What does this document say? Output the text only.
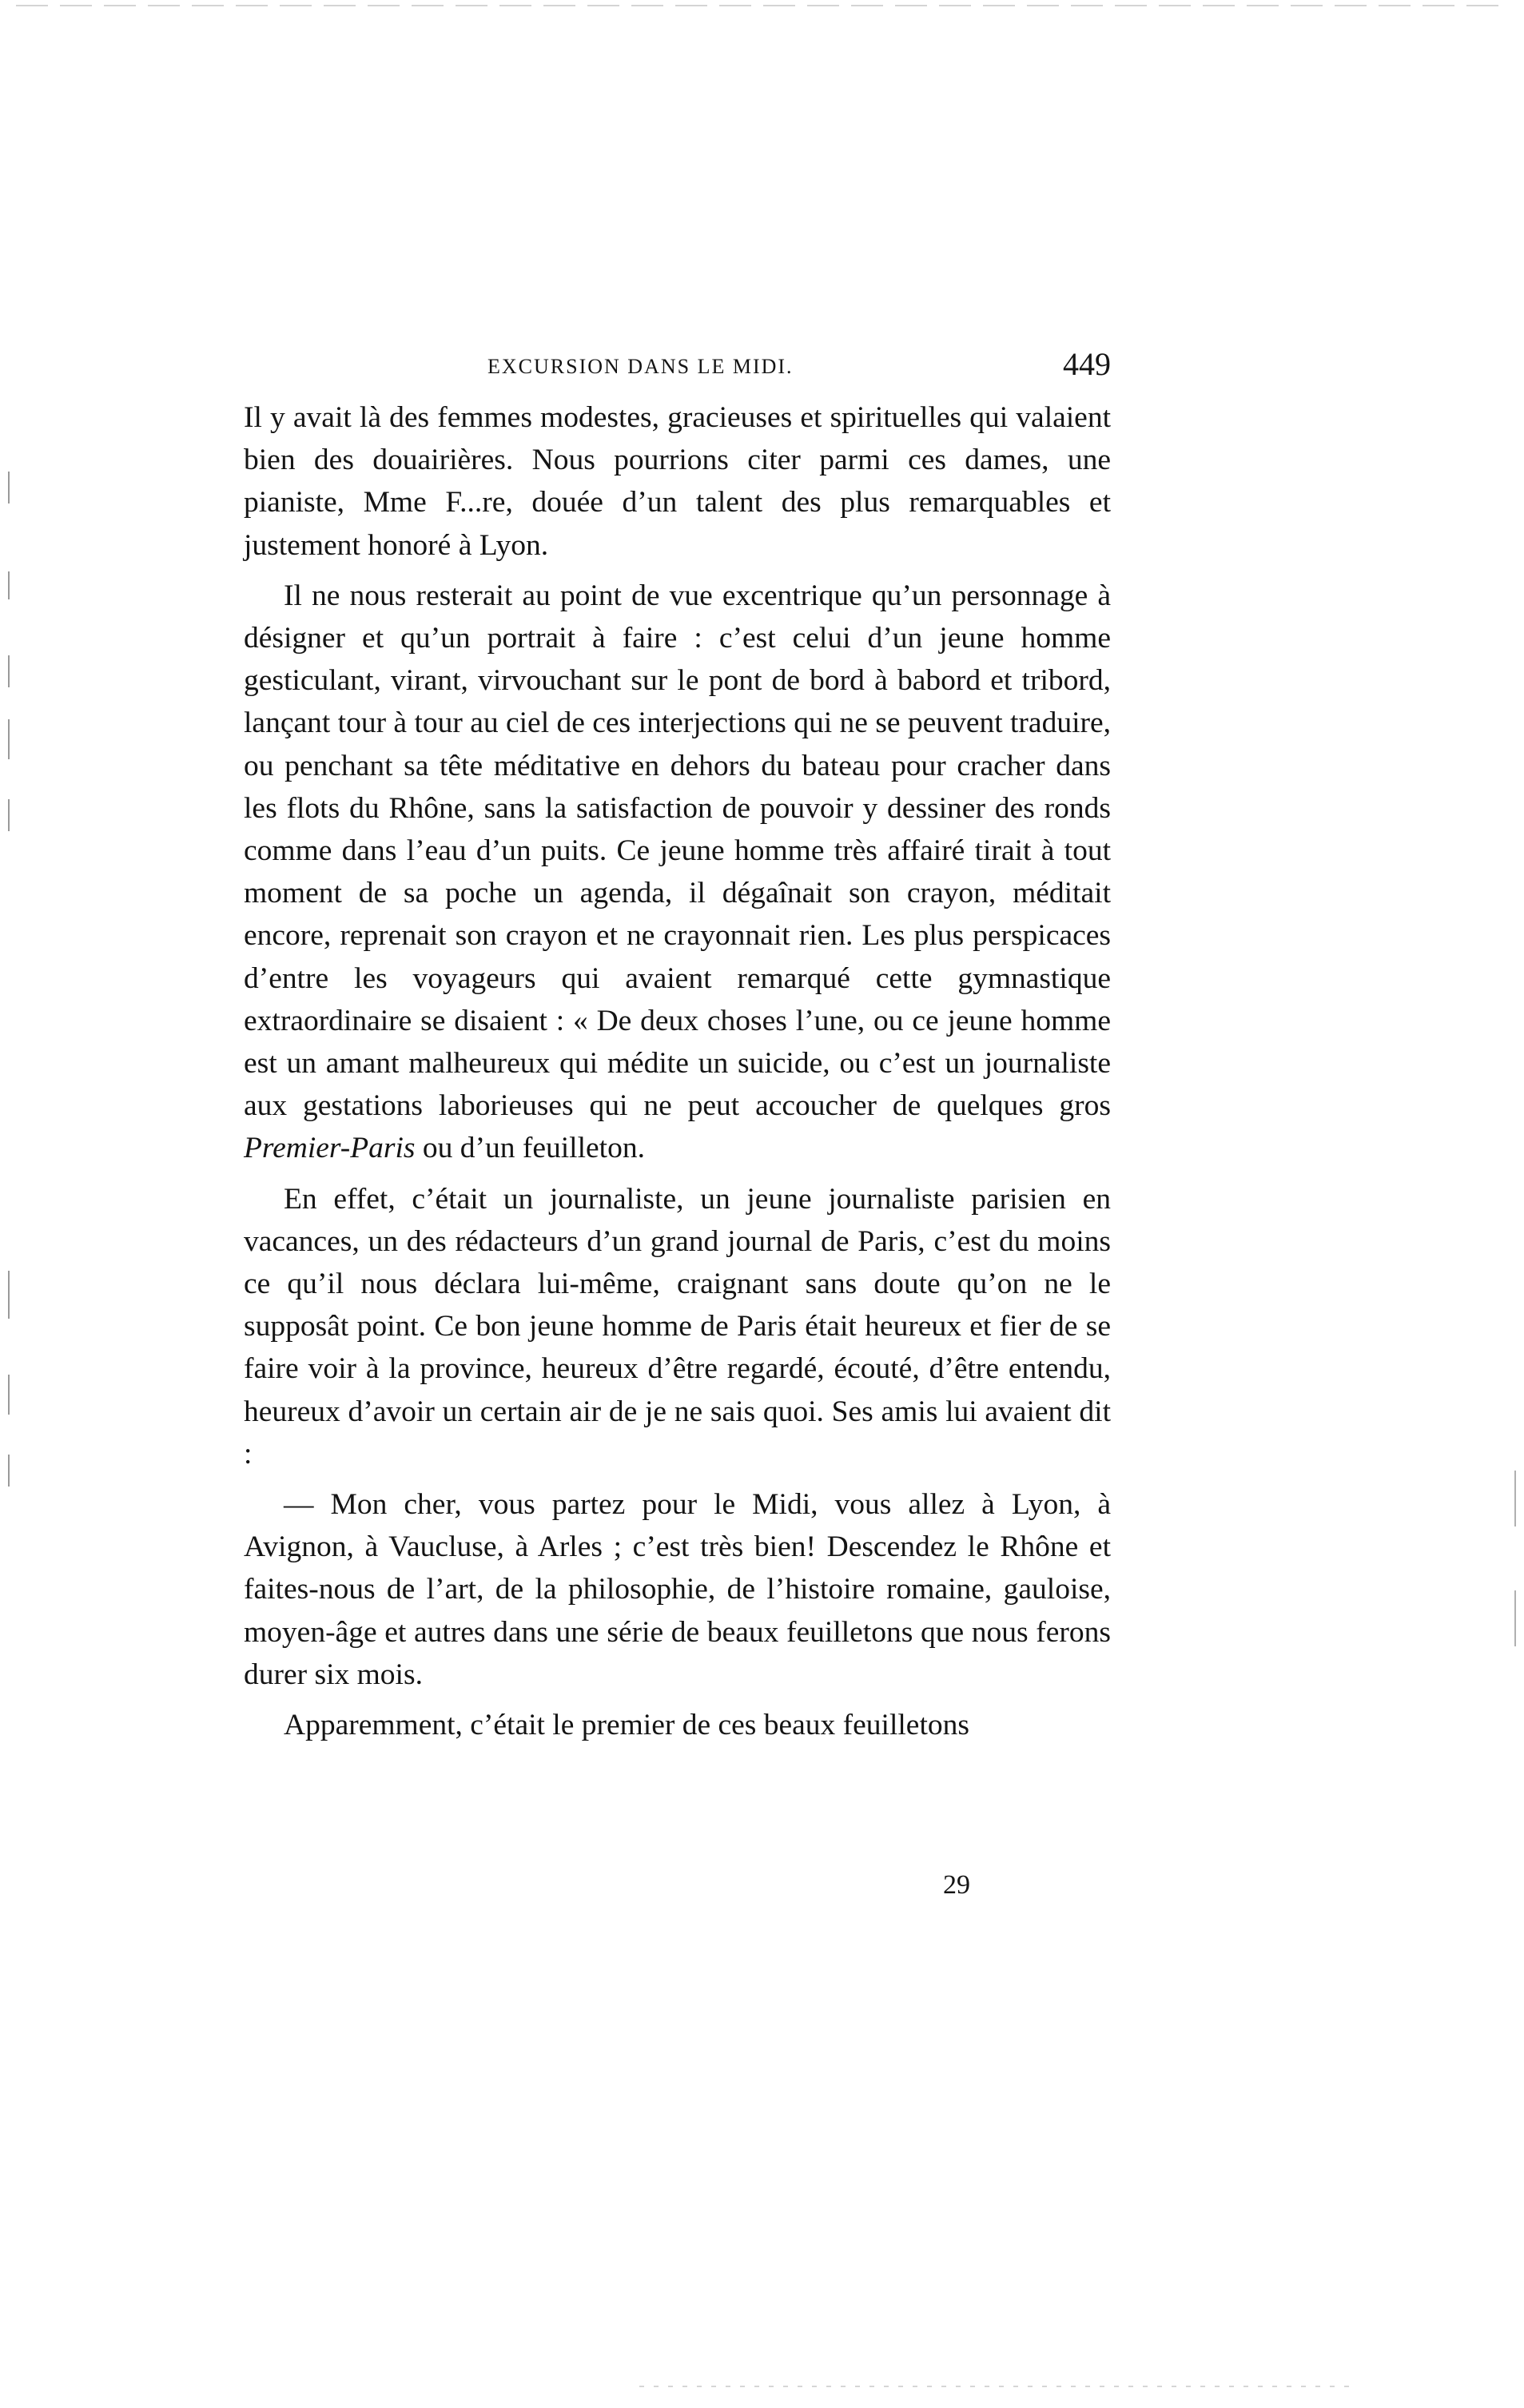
EXCURSION DANS LE MIDI.	449

Il y avait là des femmes modestes, gracieuses et spirituelles qui valaient bien des douairières. Nous pourrions citer parmi ces dames, une pianiste, Mme F...re, douée d’un talent des plus remarquables et justement honoré à Lyon.

Il ne nous resterait au point de vue excentrique qu’un personnage à désigner et qu’un portrait à faire : c’est celui d’un jeune homme gesticulant, virant, virvouchant sur le pont de bord à babord et tribord, lançant tour à tour au ciel de ces interjections qui ne se peuvent traduire, ou penchant sa tête méditative en dehors du bateau pour cracher dans les flots du Rhône, sans la satisfaction de pouvoir y dessiner des ronds comme dans l’eau d’un puits. Ce jeune homme très affairé tirait à tout moment de sa poche un agenda, il dégaînait son crayon, méditait encore, reprenait son crayon et ne crayonnait rien. Les plus perspicaces d’entre les voyageurs qui avaient remarqué cette gymnastique extraordinaire se disaient : « De deux choses l’une, ou ce jeune homme est un amant malheureux qui médite un suicide, ou c’est un journaliste aux gestations laborieuses qui ne peut accoucher de quelques gros Premier-Paris ou d’un feuilleton.

En effet, c’était un journaliste, un jeune journaliste parisien en vacances, un des rédacteurs d’un grand journal de Paris, c’est du moins ce qu’il nous déclara lui-même, craignant sans doute qu’on ne le supposât point. Ce bon jeune homme de Paris était heureux et fier de se faire voir à la province, heureux d’être regardé, écouté, d’être entendu, heureux d’avoir un certain air de je ne sais quoi. Ses amis lui avaient dit :

— Mon cher, vous partez pour le Midi, vous allez à Lyon, à Avignon, à Vaucluse, à Arles ; c’est très bien! Descendez le Rhône et faites-nous de l’art, de la philosophie, de l’histoire romaine, gauloise, moyen-âge et autres dans une série de beaux feuilletons que nous ferons durer six mois.

Apparemment, c’était le premier de ces beaux feuilletons

29
